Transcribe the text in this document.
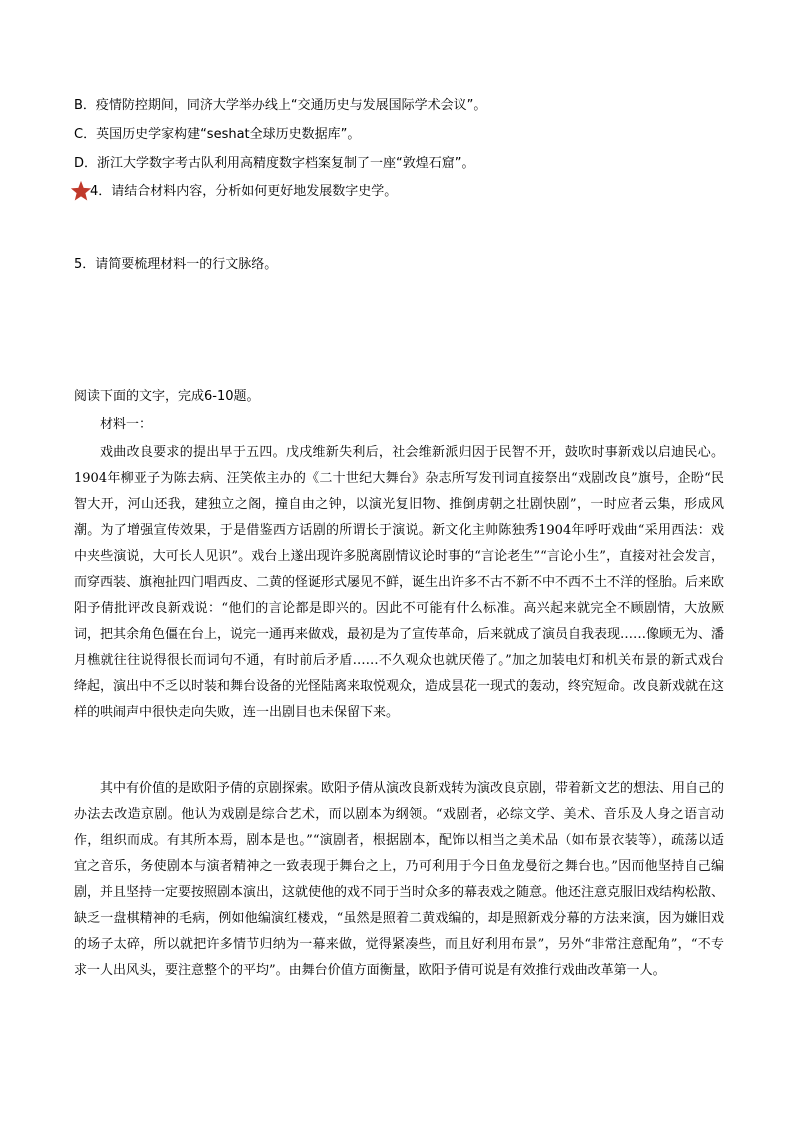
B．疫情防控期间，同济大学举办线上“交通历史与发展国际学术会议”。
C．英国历史学家构建“seshat全球历史数据库”。
D．浙江大学数字考古队利用高精度数字档案复制了一座“敦煌石窟”。
4．请结合材料内容，分析如何更好地发展数字史学。
5．请简要梳理材料一的行文脉络。
阅读下面的文字，完成6-10题。
材料一：

戏曲改良要求的提出早于五四。戊戌维新失利后，社会维新派归因于民智不开，鼓吹时事新戏以启迪民心。1904年柳亚子为陈去病、汪笑侬主办的《二十世纪大舞台》杂志所写发刊词直接祭出“戏剧改良”旗号，企盼“民智大开，河山还我，建独立之阁，撞自由之钟，以演光复旧物、推倒虏朝之壮剧快剧”，一时应者云集，形成风潮。为了增强宣传效果，于是借鉴西方话剧的所谓长于演说。新文化主帅陈独秀1904年呼吁戏曲“采用西法：戏中夹些演说，大可长人见识”。戏台上遂出现许多脱离剧情议论时事的“言论老生”“言论小生”，直接对社会发言，而穿西装、旗袍扯四门唱西皮、二黄的怪诞形式屡见不鲜，诞生出许多不古不新不中不西不土不洋的怪胎。后来欧阳予倩批评改良新戏说：“他们的言论都是即兴的。因此不可能有什么标准。高兴起来就完全不顾剧情，大放厥词，把其余角色僵在台上，说完一通再来做戏，最初是为了宣传革命，后来就成了演员自我表现……像顾无为、潘月樵就往往说得很长而词句不通，有时前后矛盾……不久观众也就厌倦了。”加之加装电灯和机关布景的新式戏台绛起，演出中不乏以时装和舞台设备的光怪陆离来取悦观众，造成昙花一现式的轰动，终究短命。改良新戏就在这样的哄闹声中很快走向失败，连一出剧目也未保留下来。

其中有价值的是欧阳予倩的京剧探索。欧阳予倩从演改良新戏转为演改良京剧，带着新文艺的想法、用自己的办法去改造京剧。他认为戏剧是综合艺术，而以剧本为纲领。“戏剧者，必综文学、美术、音乐及人身之语言动作，组织而成。有其所本焉，剧本是也。”“演剧者，根据剧本，配饰以相当之美术品（如布景衣装等），疏荡以适宜之音乐，务使剧本与演者精神之一致表现于舞台之上，乃可利用于今日鱼龙曼衍之舞台也。”因而他坚持自己编剧，并且坚持一定要按照剧本演出，这就使他的戏不同于当时众多的幕表戏之随意。他还注意克服旧戏结构松散、缺乏一盘棋精神的毛病，例如他编演红楼戏，“虽然是照着二黄戏编的，却是照新戏分幕的方法来演，因为嫌旧戏的场子太碎，所以就把许多情节归纳为一幕来做，觉得紧凑些，而且好利用布景”，另外“非常注意配角”，“不专求一人出风头，要注意整个的平均”。由舞台价值方面衡量，欧阳予倩可说是有效推行戏曲改革第一人。
